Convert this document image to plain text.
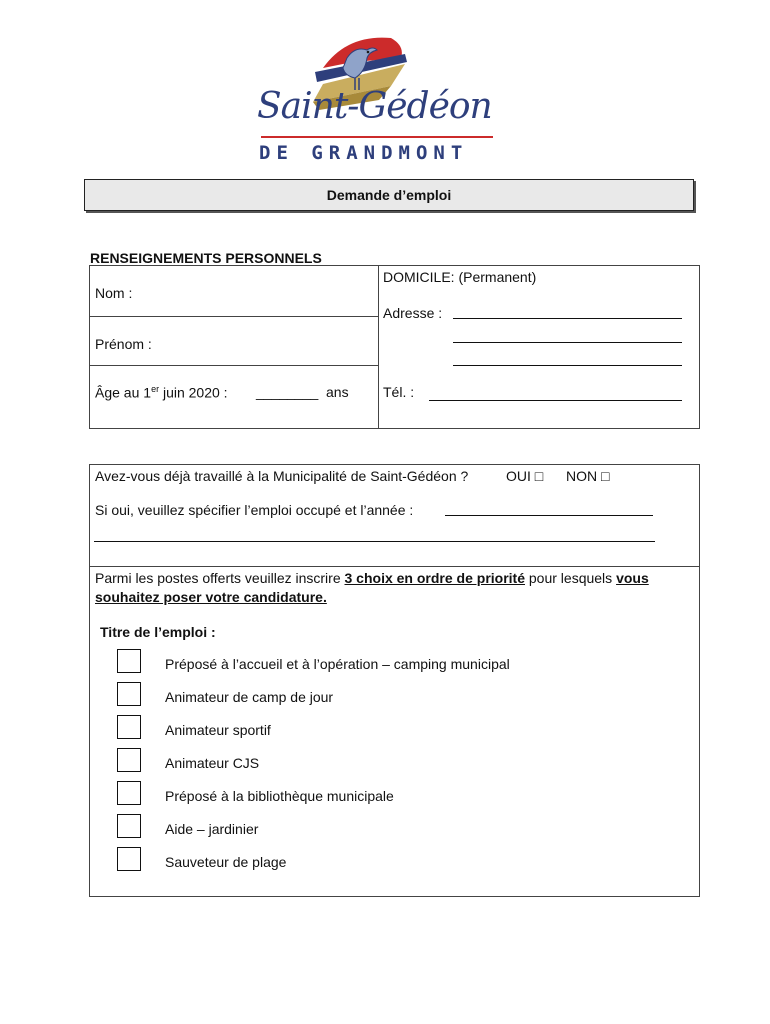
Saint-Gédéon
DE GRANDMONT
Demande d’emploi
RENSEIGNEMENTS PERSONNELS
Nom :
Prénom :
Âge au 1er juin 2020 : ________ ans
DOMICILE: (Permanent)
Adresse :
Tél. :
Avez-vous déjà travaillé à la Municipalité de Saint-Gédéon ?	OUI □ NON □
Si oui, veuillez spécifier l’emploi occupé et l’année :
Parmi les postes offerts veuillez inscrire 3 choix en ordre de priorité pour lesquels vous
souhaitez poser votre candidature.
Titre de l’emploi :
Préposé à l’accueil et à l’opération – camping municipal
Animateur de camp de jour
Animateur sportif
Animateur CJS
Préposé à la bibliothèque municipale
Aide – jardinier
Sauveteur de plage
